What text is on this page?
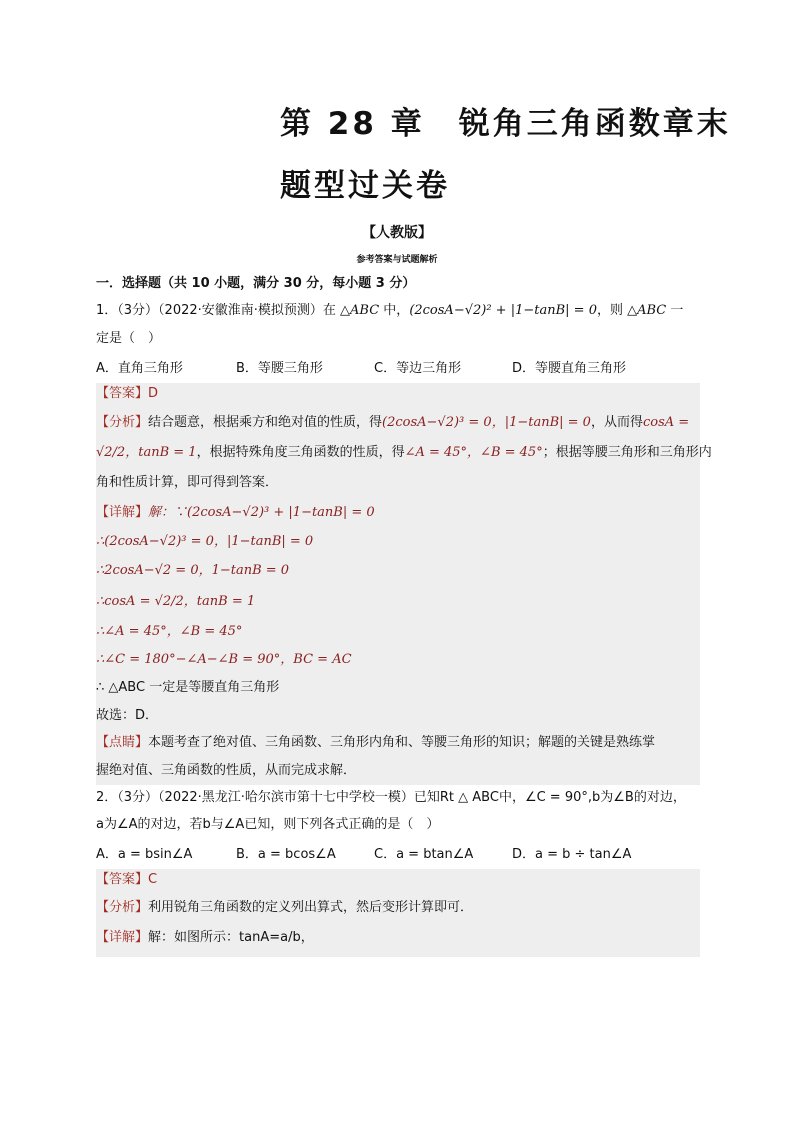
第 28 章　锐角三角函数章末
题型过关卷
【人教版】
参考答案与试题解析
一．选择题（共 10 小题，满分 30 分，每小题 3 分）
1．（3分）（2022·安徽淮南·模拟预测）在 △ABC 中，(2cosA−√2)² + |1−tanB| = 0，则 △ABC 一
定是（　）
A．直角三角形	B．等腰三角形	C．等边三角形	D．等腰直角三角形
【答案】D
【分析】结合题意，根据乘方和绝对值的性质，得(2cosA−√2)³ = 0，|1−tanB| = 0，从而得cosA =
√2/2，tanB = 1，根据特殊角度三角函数的性质，得∠A = 45°，∠B = 45°；根据等腰三角形和三角形内
角和性质计算，即可得到答案．
【详解】解：∵(2cosA−√2)³ + |1−tanB| = 0
∴(2cosA−√2)³ = 0，|1−tanB| = 0
∴2cosA−√2 = 0，1−tanB = 0
∴cosA = √2/2，tanB = 1
∴∠A = 45°，∠B = 45°
∴∠C = 180°−∠A−∠B = 90°，BC = AC
∴ △ABC 一定是等腰直角三角形
故选：D．
【点睛】本题考查了绝对值、三角函数、三角形内角和、等腰三角形的知识；解题的关键是熟练掌
握绝对值、三角函数的性质，从而完成求解．
2．（3分）（2022·黑龙江·哈尔滨市第十七中学校一模）已知Rt △ ABC中，∠C = 90°,b为∠B的对边，
a为∠A的对边，若b与∠A已知，则下列各式正确的是（　）
A．a = bsin∠A	B．a = bcos∠A	C．a = btan∠A	D．a = b ÷ tan∠A
【答案】C
【分析】利用锐角三角函数的定义列出算式，然后变形计算即可．
【详解】解：如图所示：tanA=a/b，
